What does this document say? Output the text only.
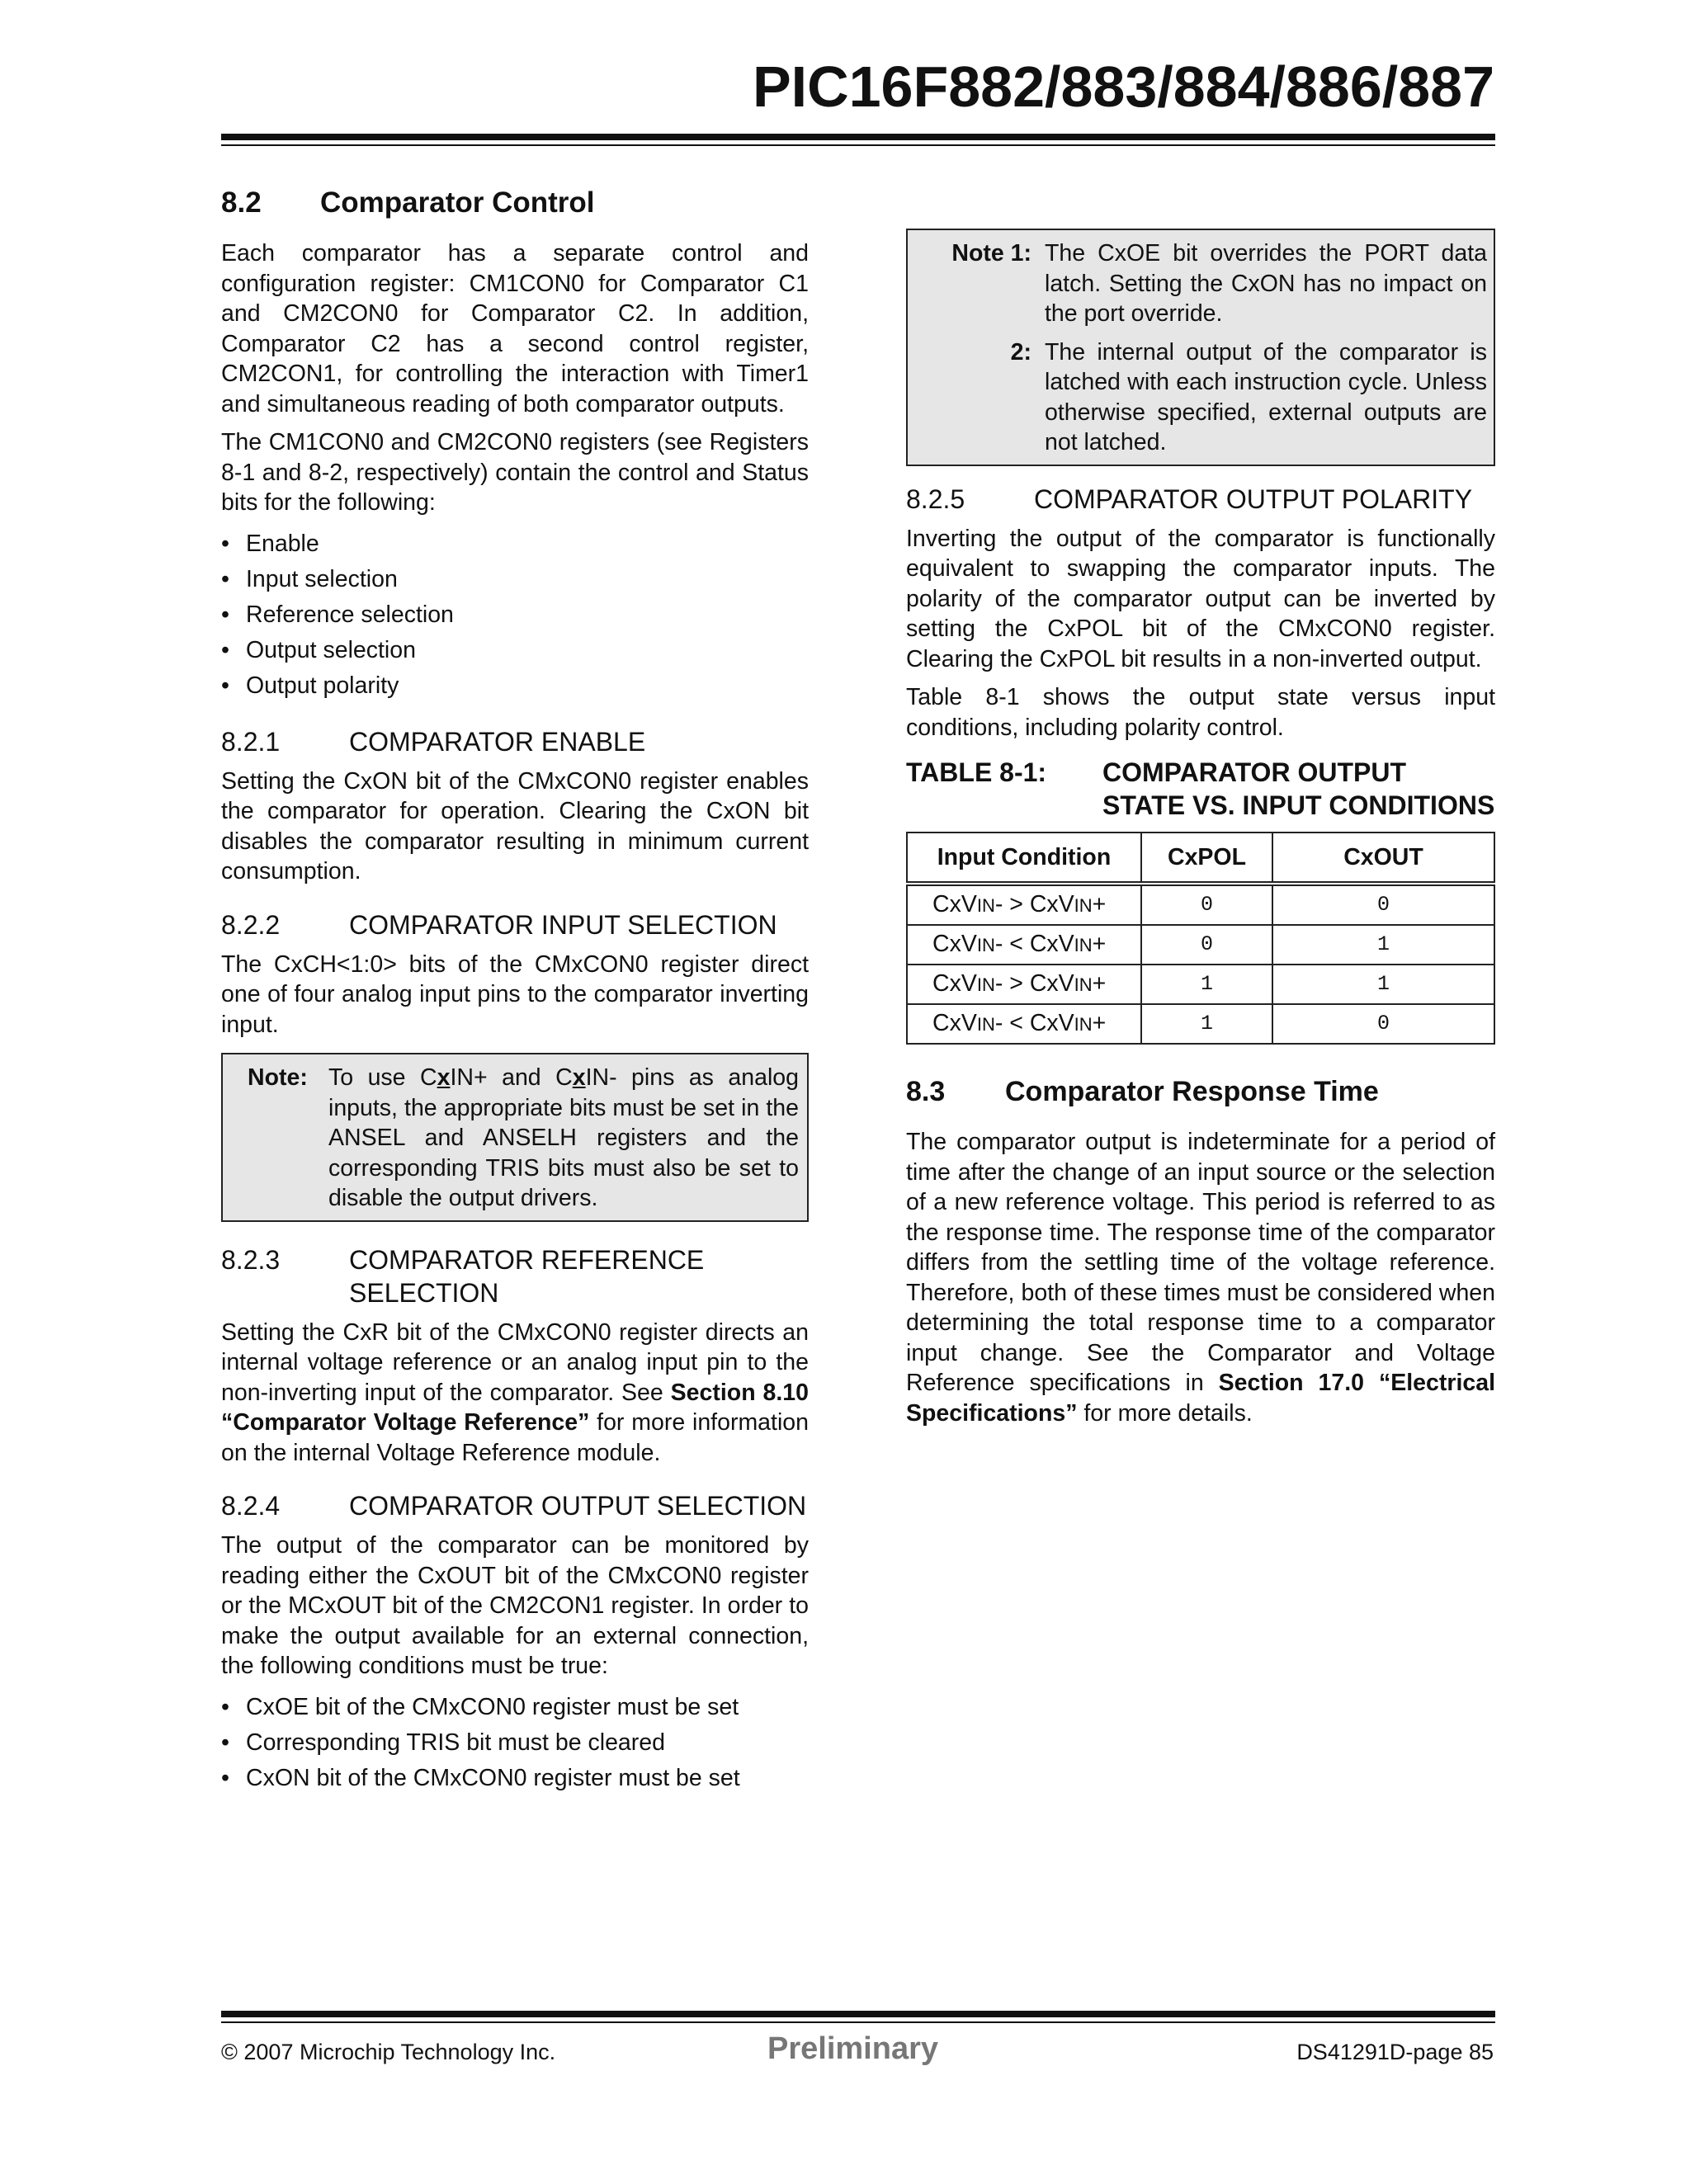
PIC16F882/883/884/886/887
8.2	Comparator Control

Each comparator has a separate control and configuration register: CM1CON0 for Comparator C1 and CM2CON0 for Comparator C2. In addition, Comparator C2 has a second control register, CM2CON1, for controlling the interaction with Timer1 and simultaneous reading of both comparator outputs.

The CM1CON0 and CM2CON0 registers (see Registers 8-1 and 8-2, respectively) contain the control and Status bits for the following:

• Enable
• Input selection
• Reference selection
• Output selection
• Output polarity
8.2.1	COMPARATOR ENABLE

Setting the CxON bit of the CMxCON0 register enables the comparator for operation. Clearing the CxON bit disables the comparator resulting in minimum current consumption.

8.2.2	COMPARATOR INPUT SELECTION

The CxCH<1:0> bits of the CMxCON0 register direct one of four analog input pins to the comparator inverting input.

Note: To use CxIN+ and CxIN- pins as analog inputs, the appropriate bits must be set in the ANSEL and ANSELH registers and the corresponding TRIS bits must also be set to disable the output drivers.
8.2.3	COMPARATOR REFERENCE SELECTION

Setting the CxR bit of the CMxCON0 register directs an internal voltage reference or an analog input pin to the non-inverting input of the comparator. See Section 8.10 “Comparator Voltage Reference” for more information on the internal Voltage Reference module.

8.2.4	COMPARATOR OUTPUT SELECTION

The output of the comparator can be monitored by reading either the CxOUT bit of the CMxCON0 register or the MCxOUT bit of the CM2CON1 register. In order to make the output available for an external connection, the following conditions must be true:

• CxOE bit of the CMxCON0 register must be set
• Corresponding TRIS bit must be cleared
• CxON bit of the CMxCON0 register must be set
Note 1: The CxOE bit overrides the PORT data latch. Setting the CxON has no impact on the port override.
2: The internal output of the comparator is latched with each instruction cycle. Unless otherwise specified, external outputs are not latched.
8.2.5	COMPARATOR OUTPUT POLARITY

Inverting the output of the comparator is functionally equivalent to swapping the comparator inputs. The polarity of the comparator output can be inverted by setting the CxPOL bit of the CMxCON0 register. Clearing the CxPOL bit results in a non-inverted output.

Table 8-1 shows the output state versus input conditions, including polarity control.

TABLE 8-1:	COMPARATOR OUTPUT STATE VS. INPUT CONDITIONS
Input Condition	CxPOL	CxOUT
CxVIN- > CxVIN+	0	0
CxVIN- < CxVIN+	0	1
CxVIN- > CxVIN+	1	1
CxVIN- < CxVIN+	1	0
8.3	Comparator Response Time

The comparator output is indeterminate for a period of time after the change of an input source or the selection of a new reference voltage. This period is referred to as the response time. The response time of the comparator differs from the settling time of the voltage reference. Therefore, both of these times must be considered when determining the total response time to a comparator input change. See the Comparator and Voltage Reference specifications in Section 17.0 “Electrical Specifications” for more details.

© 2007 Microchip Technology Inc.	Preliminary	DS41291D-page 85
